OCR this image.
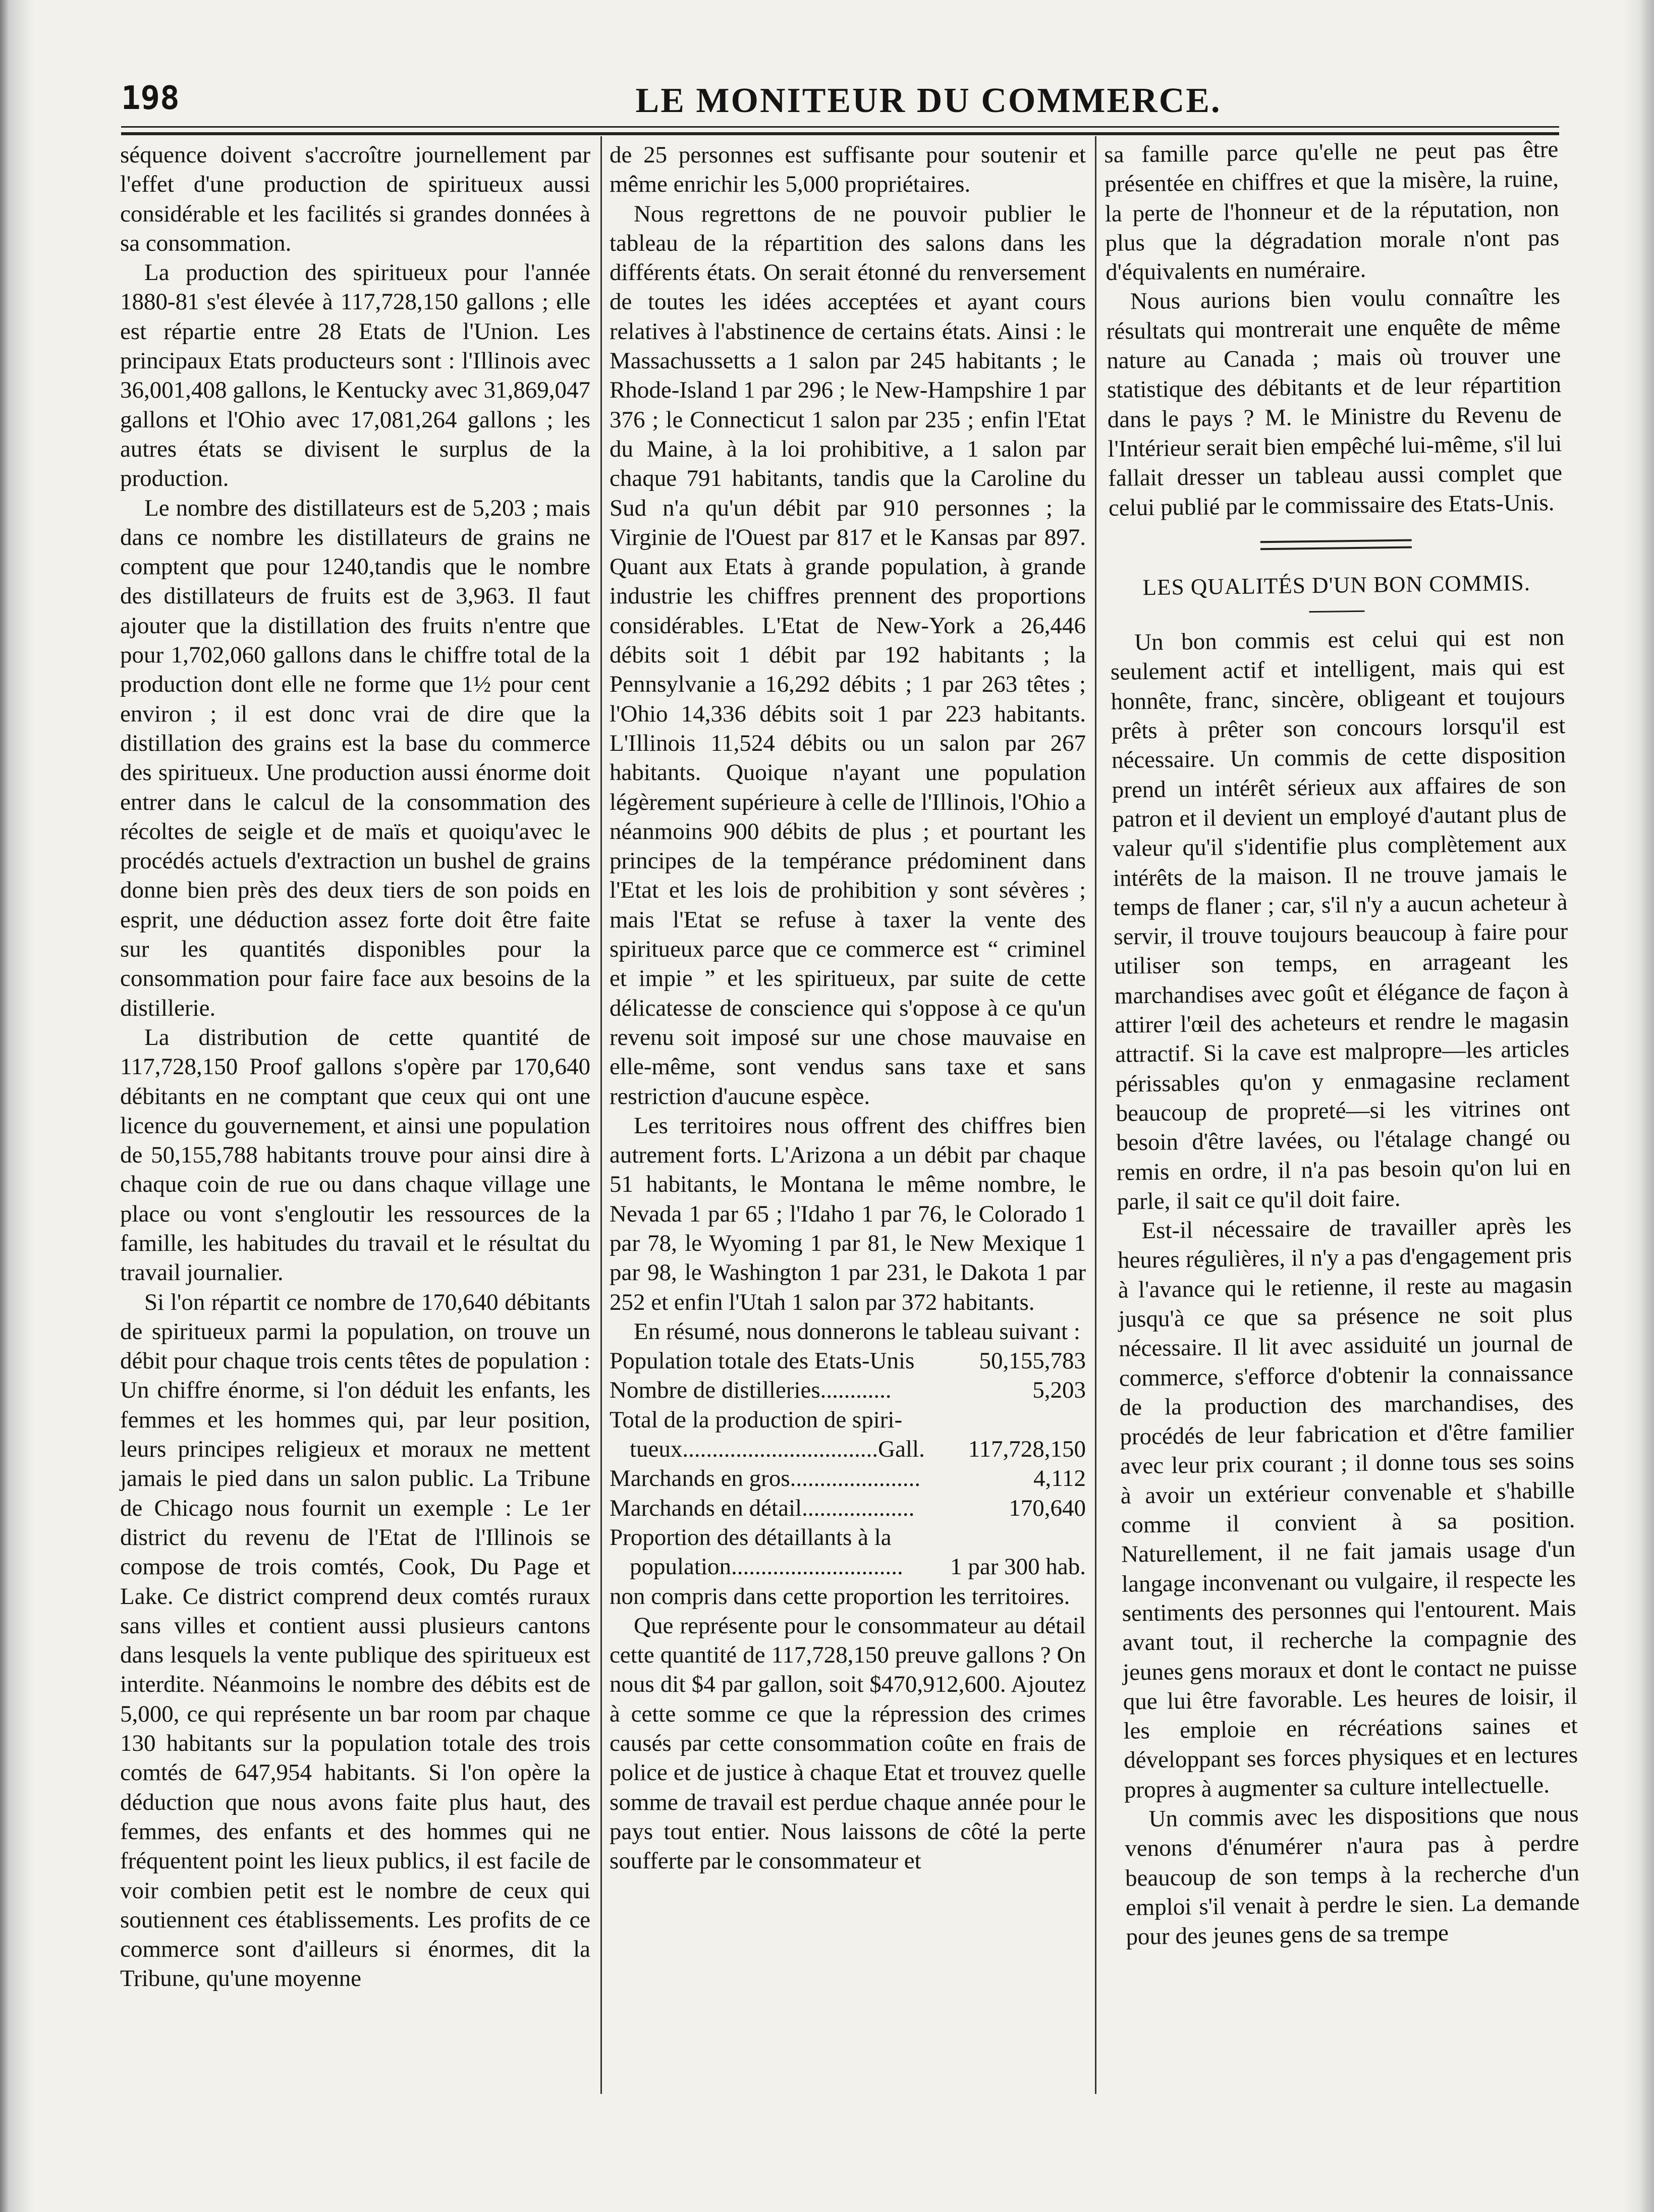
198	LE MONITEUR DU COMMERCE.

séquence doivent s'accroître journellement par l'effet d'une production de spiritueux aussi considérable et les facilités si grandes données à sa consommation.

La production des spiritueux pour l'année 1880-81 s'est élevée à 117,728,150 gallons ; elle est répartie entre 28 Etats de l'Union. Les principaux Etats producteurs sont : l'Illinois avec 36,001,408 gallons, le Kentucky avec 31,869,047 gallons et l'Ohio avec 17,081,264 gallons ; les autres états se divisent le surplus de la production.

Le nombre des distillateurs est de 5,203 ; mais dans ce nombre les distillateurs de grains ne comptent que pour 1240,tandis que le nombre des distillateurs de fruits est de 3,963. Il faut ajouter que la distillation des fruits n'entre que pour 1,702,060 gallons dans le chiffre total de la production dont elle ne forme que 1½ pour cent environ ; il est donc vrai de dire que la distillation des grains est la base du commerce des spiritueux. Une production aussi énorme doit entrer dans le calcul de la consommation des récoltes de seigle et de maïs et quoiqu'avec le procédés actuels d'extraction un bushel de grains donne bien près des deux tiers de son poids en esprit, une déduction assez forte doit être faite sur les quantités disponibles pour la consommation pour faire face aux besoins de la distillerie.

La distribution de cette quantité de 117,728,150 Proof gallons s'opère par 170,640 débitants en ne comptant que ceux qui ont une licence du gouvernement, et ainsi une population de 50,155,788 habitants trouve pour ainsi dire à chaque coin de rue ou dans chaque village une place ou vont s'engloutir les ressources de la famille, les habitudes du travail et le résultat du travail journalier.

Si l'on répartit ce nombre de 170,640 débitants de spiritueux parmi la population, on trouve un débit pour chaque trois cents têtes de population : Un chiffre énorme, si l'on déduit les enfants, les femmes et les hommes qui, par leur position, leurs principes religieux et moraux ne mettent jamais le pied dans un salon public. La Tribune de Chicago nous fournit un exemple : Le 1er district du revenu de l'Etat de l'Illinois se compose de trois comtés, Cook, Du Page et Lake. Ce district comprend deux comtés ruraux sans villes et contient aussi plusieurs cantons dans lesquels la vente publique des spiritueux est interdite. Néanmoins le nombre des débits est de 5,000, ce qui représente un bar room par chaque 130 habitants sur la population totale des trois comtés de 647,954 habitants. Si l'on opère la déduction que nous avons faite plus haut, des femmes, des enfants et des hommes qui ne fréquentent point les lieux publics, il est facile de voir combien petit est le nombre de ceux qui soutiennent ces établissements. Les profits de ce commerce sont d'ailleurs si énormes, dit la Tribune, qu'une moyenne

de 25 personnes est suffisante pour soutenir et même enrichir les 5,000 propriétaires.

Nous regrettons de ne pouvoir publier le tableau de la répartition des salons dans les différents états. On serait étonné du renversement de toutes les idées acceptées et ayant cours relatives à l'abstinence de certains états. Ainsi : le Massachussetts a 1 salon par 245 habitants ; le Rhode-Island 1 par 296 ; le New-Hampshire 1 par 376 ; le Connecticut 1 salon par 235 ; enfin l'Etat du Maine, à la loi prohibitive, a 1 salon par chaque 791 habitants, tandis que la Caroline du Sud n'a qu'un débit par 910 personnes ; la Virginie de l'Ouest par 817 et le Kansas par 897. Quant aux Etats à grande population, à grande industrie les chiffres prennent des proportions considérables. L'Etat de New-York a 26,446 débits soit 1 débit par 192 habitants ; la Pennsylvanie a 16,292 débits ; 1 par 263 têtes ; l'Ohio 14,336 débits soit 1 par 223 habitants. L'Illinois 11,524 débits ou un salon par 267 habitants. Quoique n'ayant une population légèrement supérieure à celle de l'Illinois, l'Ohio a néanmoins 900 débits de plus ; et pourtant les principes de la tempérance prédominent dans l'Etat et les lois de prohibition y sont sévères ; mais l'Etat se refuse à taxer la vente des spiritueux parce que ce commerce est “ criminel et impie ” et les spiritueux, par suite de cette délicatesse de conscience qui s'oppose à ce qu'un revenu soit imposé sur une chose mauvaise en elle-même, sont vendus sans taxe et sans restriction d'aucune espèce.

Les territoires nous offrent des chiffres bien autrement forts. L'Arizona a un débit par chaque 51 habitants, le Montana le même nombre, le Nevada 1 par 65 ; l'Idaho 1 par 76, le Colorado 1 par 78, le Wyoming 1 par 81, le New Mexique 1 par 98, le Washington 1 par 231, le Dakota 1 par 252 et enfin l'Utah 1 salon par 372 habitants.

En résumé, nous donnerons le tableau suivant :

Population totale des Etats-Unis	50,155,783
Nombre de distilleries............	5,203
Total de la production de spiri-	
tueux.................................Gall.	117,728,150
Marchands en gros......................	4,112
Marchands en détail...................	170,640
Proportion des détaillants à la	
population.............................	1 par 300 hab.

non compris dans cette proportion les territoires.

Que représente pour le consommateur au détail cette quantité de 117,728,150 preuve gallons ? On nous dit $4 par gallon, soit $470,912,600. Ajoutez à cette somme ce que la répression des crimes causés par cette consommation coûte en frais de police et de justice à chaque Etat et trouvez quelle somme de travail est perdue chaque année pour le pays tout entier. Nous laissons de côté la perte soufferte par le consommateur et

sa famille parce qu'elle ne peut pas être présentée en chiffres et que la misère, la ruine, la perte de l'honneur et de la réputation, non plus que la dégradation morale n'ont pas d'équivalents en numéraire.

Nous aurions bien voulu connaître les résultats qui montrerait une enquête de même nature au Canada ; mais où trouver une statistique des débitants et de leur répartition dans le pays ? M. le Ministre du Revenu de l'Intérieur serait bien empêché lui-même, s'il lui fallait dresser un tableau aussi complet que celui publié par le commissaire des Etats-Unis.

LES QUALITÉS D'UN BON COMMIS.

Un bon commis est celui qui est non seulement actif et intelligent, mais qui est honnête, franc, sincère, obligeant et toujours prêts à prêter son concours lorsqu'il est nécessaire. Un commis de cette disposition prend un intérêt sérieux aux affaires de son patron et il devient un employé d'autant plus de valeur qu'il s'identifie plus complètement aux intérêts de la maison. Il ne trouve jamais le temps de flaner ; car, s'il n'y a aucun acheteur à servir, il trouve toujours beaucoup à faire pour utiliser son temps, en arrageant les marchandises avec goût et élégance de façon à attirer l'œil des acheteurs et rendre le magasin attractif. Si la cave est malpropre—les articles périssables qu'on y enmagasine reclament beaucoup de propreté—si les vitrines ont besoin d'être lavées, ou l'étalage changé ou remis en ordre, il n'a pas besoin qu'on lui en parle, il sait ce qu'il doit faire.

Est-il nécessaire de travailler après les heures régulières, il n'y a pas d'engagement pris à l'avance qui le retienne, il reste au magasin jusqu'à ce que sa présence ne soit plus nécessaire. Il lit avec assiduité un journal de commerce, s'efforce d'obtenir la connaissance de la production des marchandises, des procédés de leur fabrication et d'être familier avec leur prix courant ; il donne tous ses soins à avoir un extérieur convenable et s'habille comme il convient à sa position. Naturellement, il ne fait jamais usage d'un langage inconvenant ou vulgaire, il respecte les sentiments des personnes qui l'entourent. Mais avant tout, il recherche la compagnie des jeunes gens moraux et dont le contact ne puisse que lui être favorable. Les heures de loisir, il les emploie en récréations saines et développant ses forces physiques et en lectures propres à augmenter sa culture intellectuelle.

Un commis avec les dispositions que nous venons d'énumérer n'aura pas à perdre beaucoup de son temps à la recherche d'un emploi s'il venait à perdre le sien. La demande pour des jeunes gens de sa trempe
